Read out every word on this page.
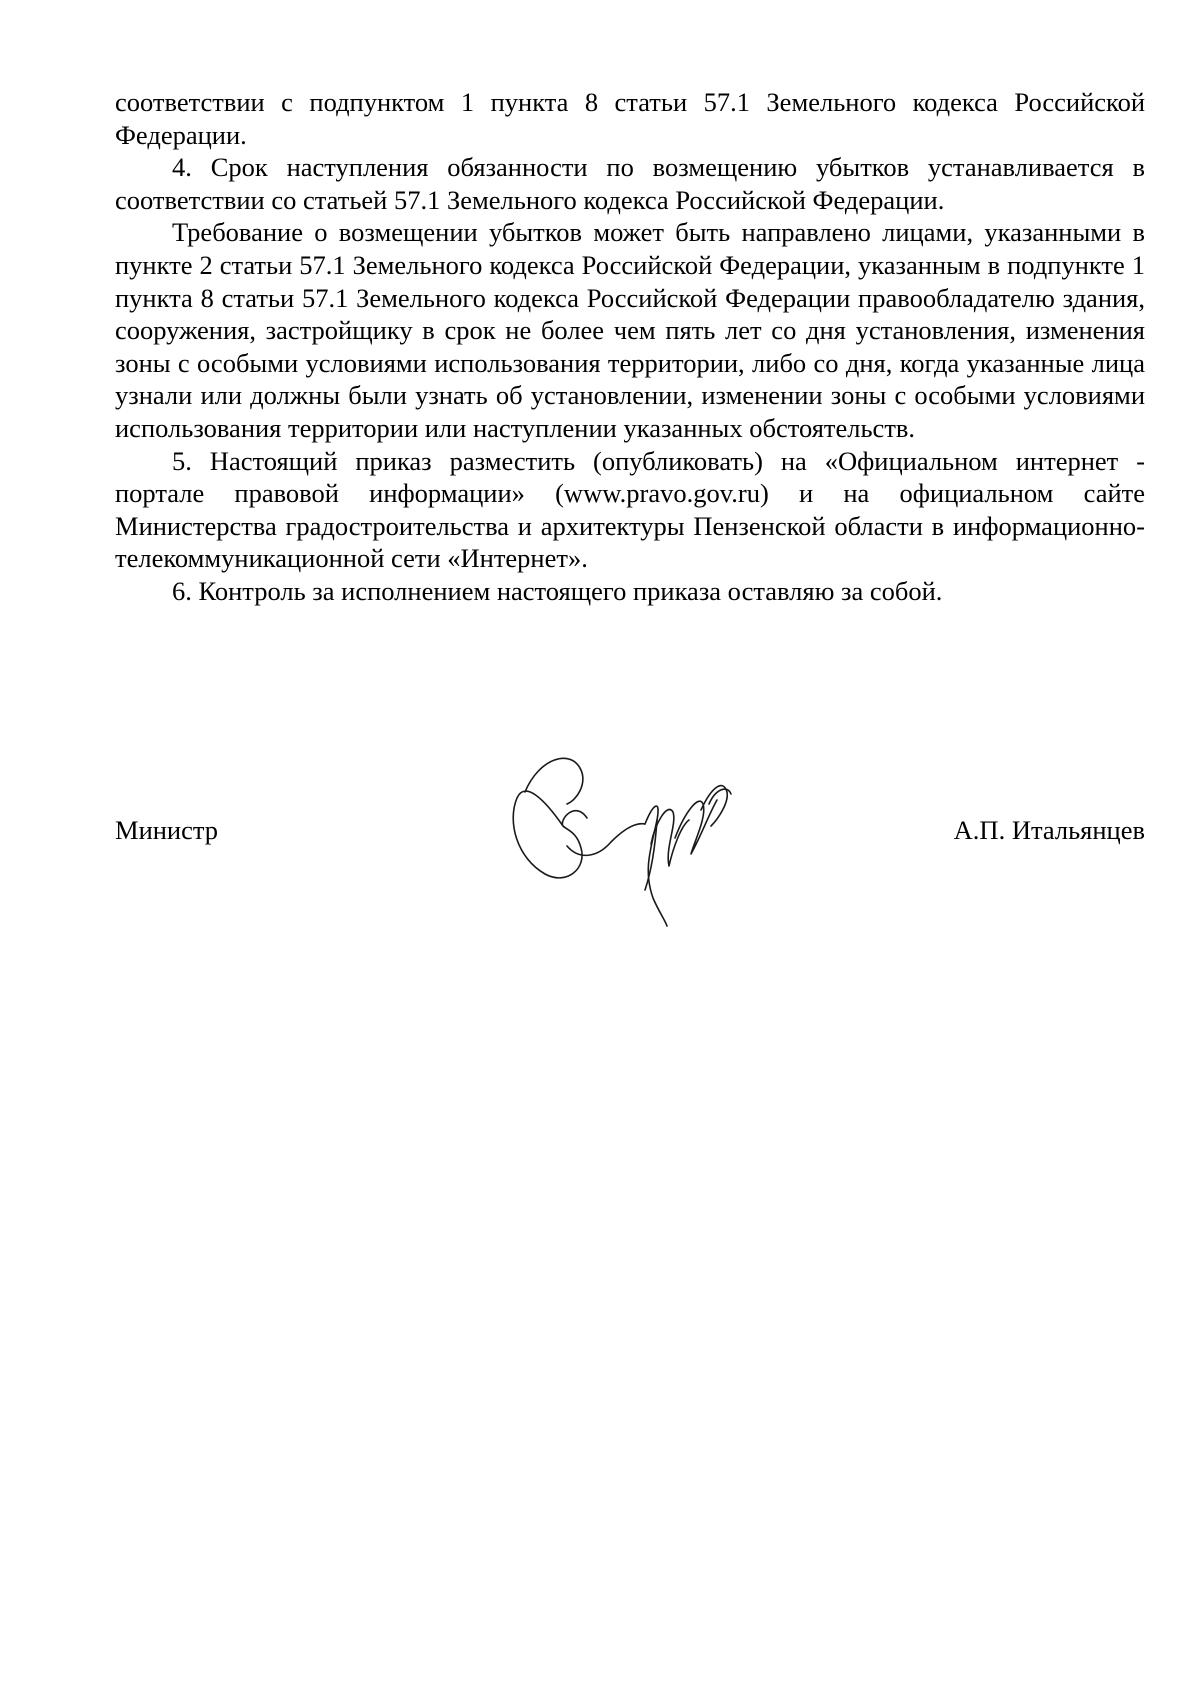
соответствии с подпунктом 1 пункта 8 статьи 57.1 Земельного кодекса Российской Федерации.

4. Срок наступления обязанности по возмещению убытков устанавливается в соответствии со статьей 57.1 Земельного кодекса Российской Федерации.

Требование о возмещении убытков может быть направлено лицами, указанными в пункте 2 статьи 57.1 Земельного кодекса Российской Федерации, указанным в подпункте 1 пункта 8 статьи 57.1 Земельного кодекса Российской Федерации правообладателю здания, сооружения, застройщику в срок не более чем пять лет со дня установления, изменения зоны с особыми условиями использования территории, либо со дня, когда указанные лица узнали или должны были узнать об установлении, изменении зоны с особыми условиями использования территории или наступлении указанных обстоятельств.

5. Настоящий приказ разместить (опубликовать) на «Официальном интернет - портале правовой информации» (www.pravo.gov.ru) и на официальном сайте Министерства градостроительства и архитектуры Пензенской области в информационно-телекоммуникационной сети «Интернет».

6. Контроль за исполнением настоящего приказа оставляю за собой.

Министр	А.П. Итальянцев
